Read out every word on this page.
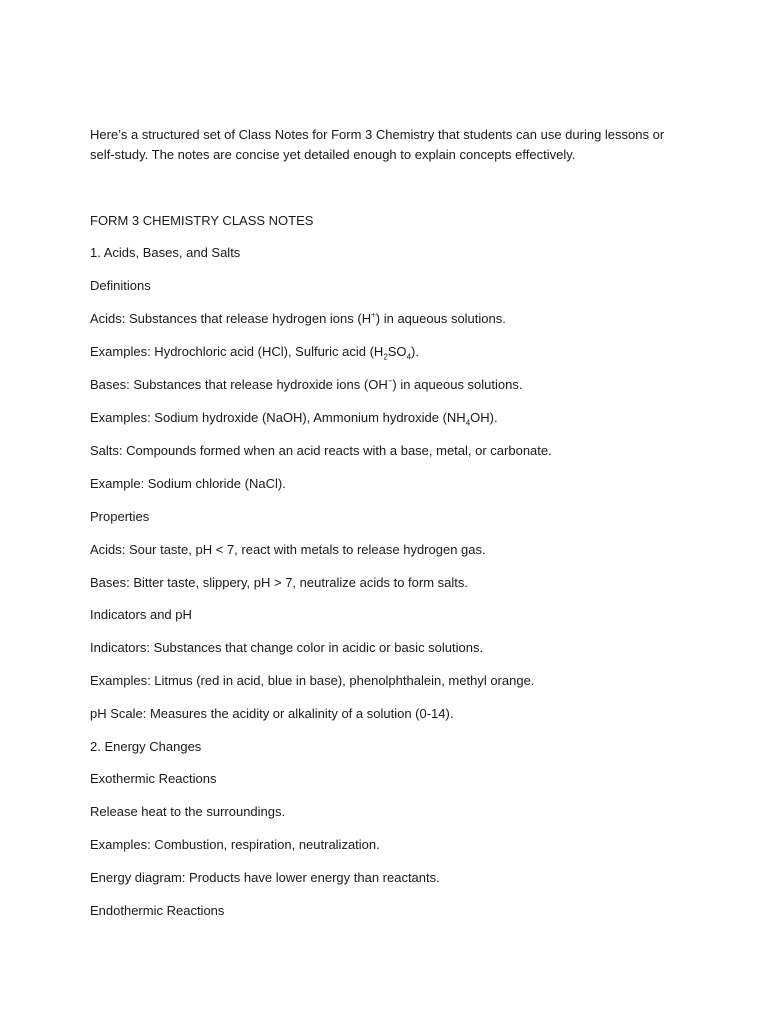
Here’s a structured set of Class Notes for Form 3 Chemistry that students can use during lessons or self-study. The notes are concise yet detailed enough to explain concepts effectively.

FORM 3 CHEMISTRY CLASS NOTES

1. Acids, Bases, and Salts

Definitions

Acids: Substances that release hydrogen ions (H+) in aqueous solutions.

Examples: Hydrochloric acid (HCl), Sulfuric acid $(H_2SO_4)$.

Bases: Substances that release hydroxide ions (OH−) in aqueous solutions.

Examples: Sodium hydroxide (NaOH), Ammonium hydroxide $(NH_4OH)$.

Salts: Compounds formed when an acid reacts with a base, metal, or carbonate.

Example: Sodium chloride (NaCl).

Properties

Acids: Sour taste, pH < 7, react with metals to release hydrogen gas.

Bases: Bitter taste, slippery, pH > 7, neutralize acids to form salts.

Indicators and pH

Indicators: Substances that change color in acidic or basic solutions.

Examples: Litmus (red in acid, blue in base), phenolphthalein, methyl orange.

pH Scale: Measures the acidity or alkalinity of a solution (0-14).

2. Energy Changes

Exothermic Reactions

Release heat to the surroundings.

Examples: Combustion, respiration, neutralization.

Energy diagram: Products have lower energy than reactants.

Endothermic Reactions
